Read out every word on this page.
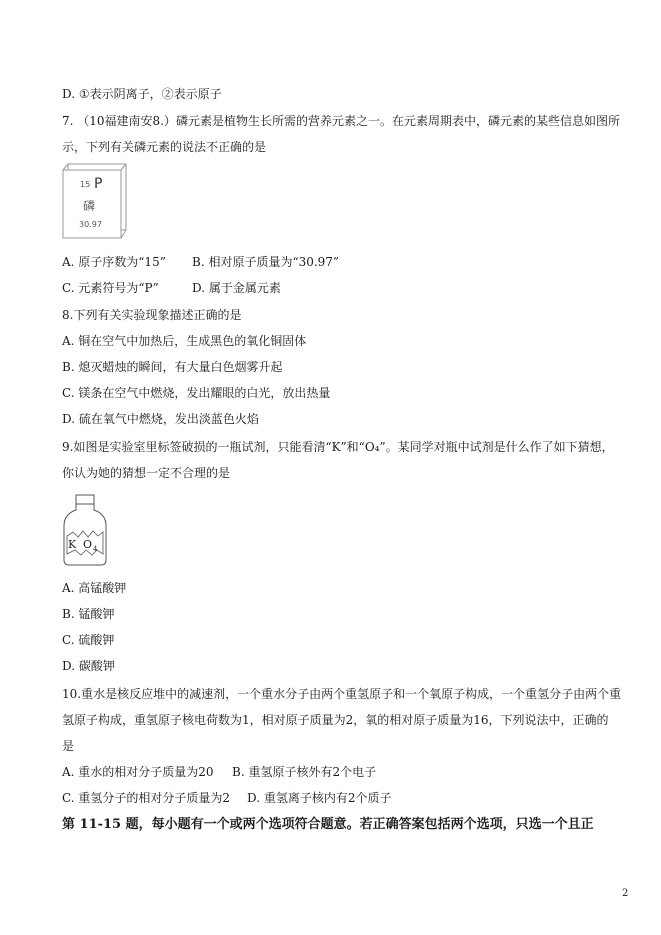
D. ①表示阴离子，②表示原子
7. （10福建南安8.）磷元素是植物生长所需的营养元素之一。在元素周期表中，磷元素的某些信息如图所
示，下列有关磷元素的说法不正确的是
15 P
磷
30.97
A. 原子序数为“15” B. 相对原子质量为“30.97”
C. 元素符号为“P”	D. 属于金属元素
8.下列有关实验现象描述正确的是
A. 铜在空气中加热后，生成黑色的氧化铜固体
B. 熄灭蜡烛的瞬间，有大量白色烟雾升起
C. 镁条在空气中燃烧，发出耀眼的白光，放出热量
D. 硫在氧气中燃烧，发出淡蓝色火焰
9.如图是实验室里标签破损的一瓶试剂，只能看清“K”和“O₄”。某同学对瓶中试剂是什么作了如下猜想，
你认为她的猜想一定不合理的是
K O 4
A. 高锰酸钾
B. 锰酸钾
C. 硫酸钾
D. 碳酸钾
10.重水是核反应堆中的减速剂，一个重水分子由两个重氢原子和一个氧原子构成，一个重氢分子由两个重
氢原子构成，重氢原子核电荷数为1，相对原子质量为2，氧的相对原子质量为16，下列说法中，正确的
是
A. 重水的相对分子质量为20 B. 重氢原子核外有2个电子
C. 重氢分子的相对分子质量为2 D. 重氢离子核内有2个质子
第 11-15 题，每小题有一个或两个选项符合题意。若正确答案包括两个选项，只选一个且正
2
